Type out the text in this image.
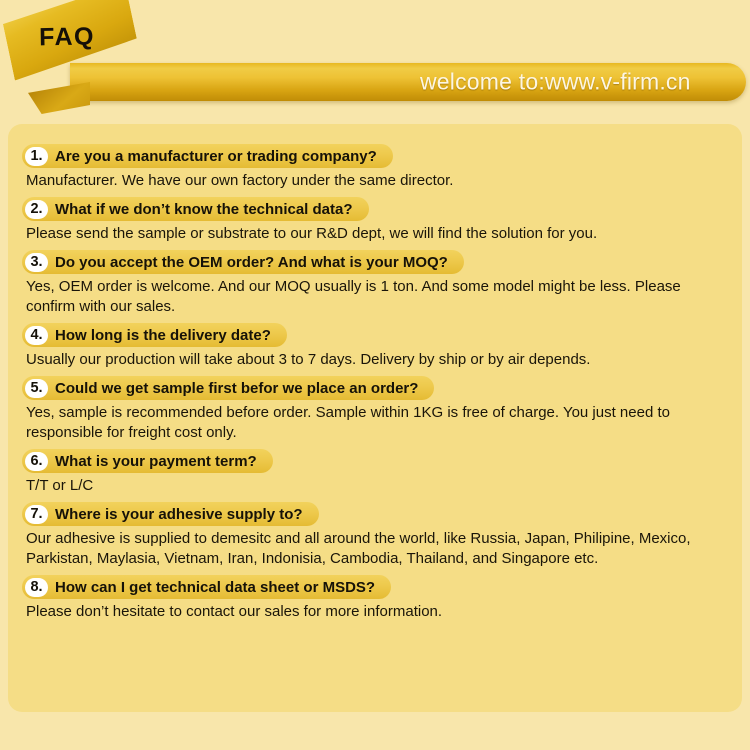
welcome to:www.v-firm.cn
FAQ
1. Are you a manufacturer or trading company?
Manufacturer. We have our own factory under the same director.
2. What if we don’t know the technical data?
Please send the sample or substrate to our R&D dept, we will find the solution for you.
3. Do you accept the OEM order? And what is your MOQ?
Yes, OEM order is welcome. And our MOQ usually is 1 ton. And some model might be less. Please confirm with our sales.
4. How long is the delivery date?
Usually our production will take about 3 to 7 days. Delivery by ship or by air depends.
5. Could we get sample first befor we place an order?
Yes, sample is recommended before order. Sample within 1KG is free of charge. You just need to responsible for freight cost only.
6. What is your payment term?
T/T or L/C
7. Where is your adhesive supply to?
Our adhesive is supplied to demesitc and all around the world, like Russia, Japan, Philipine, Mexico, Parkistan, Maylasia, Vietnam, Iran, Indonisia, Cambodia, Thailand, and Singapore etc.
8. How can I get technical data sheet or MSDS?
Please don’t hesitate to contact our sales for more information.
